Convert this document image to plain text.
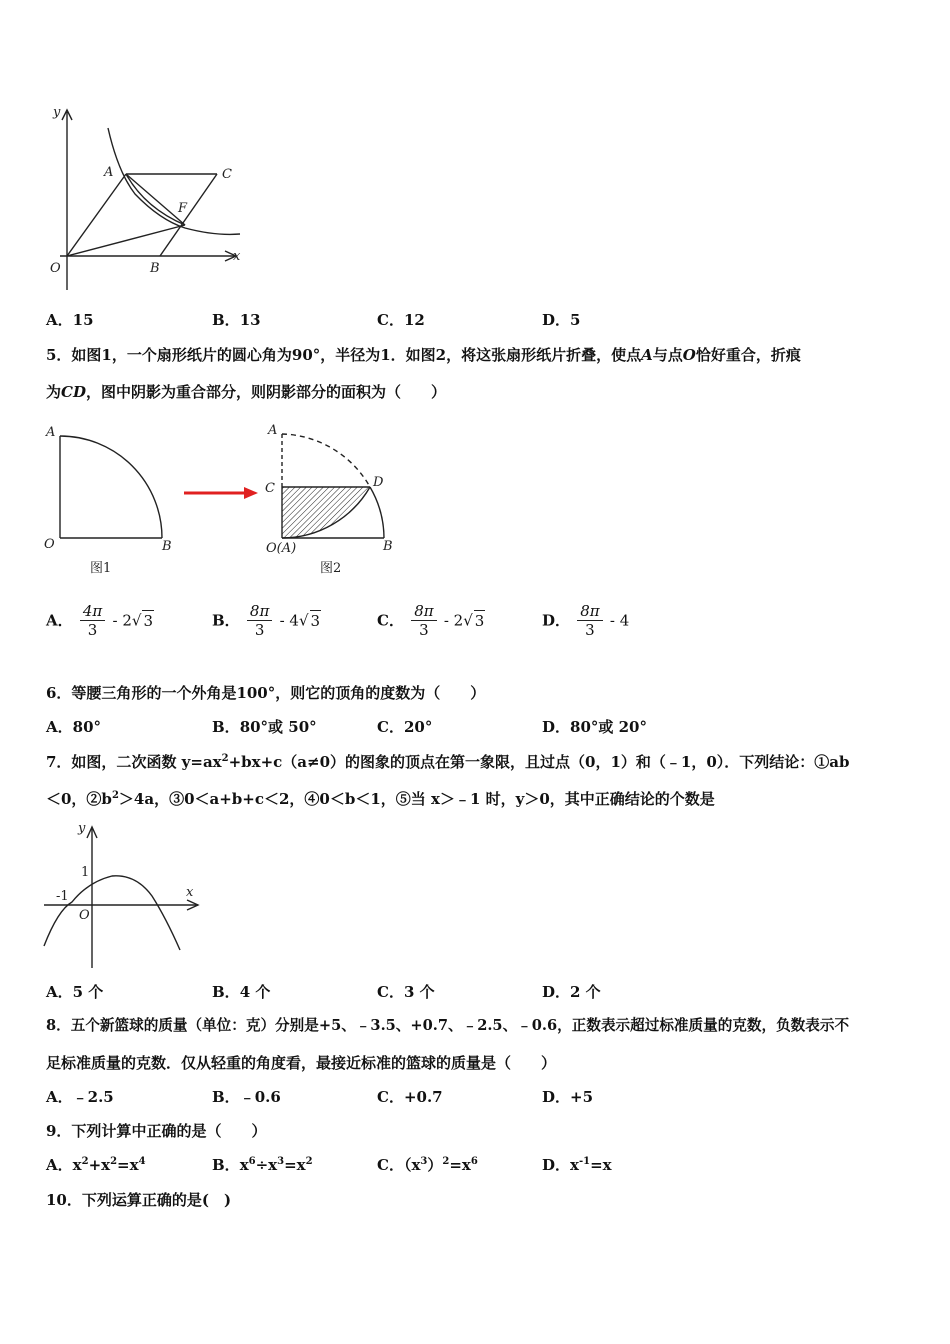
y
x
O
A
B
C
F
A．15	B．13	C．12	D．5
5．如图1，一个扇形纸片的圆心角为90°，半径为1．如图2，将这张扇形纸片折叠，使点A与点O恰好重合，折痕
为CD，图中阴影为重合部分，则阴影部分的面积为（　　）
A
O	B
图1
A
C	D
O(A)	B
图2
A． $\frac{4\pi}{3} - 2√$ 3	B． $\frac{8\pi}{3} - 4√$ 3	C． $\frac{8\pi}{3} - 2√$ 3	D． $\frac{8\pi}{3} - 4$
6．等腰三角形的一个外角是100°，则它的顶角的度数为（　　）
A．80°	B．80°或 50°	C．20°	D．80°或 20°
7．如图，二次函数 $y=ax^2+bx+c(a\ne 0)$的图象的顶点在第一象限，且过点（0，1）和（﹣1，0）．下列结论：①ab
＜0，$②b^2>4a$，③0＜a+b+c＜2，④0＜b＜1，⑤当 x＞﹣1 时，y＞0，其中正确结论的个数是
y
x
1
-1
O
A．5 个	B．4 个	C．3 个	D．2 个
8．五个新篮球的质量（单位：克）分别是+5、﹣3.5、+0.7、﹣2.5、﹣0.6，正数表示超过标准质量的克数，负数表示不
足标准质量的克数．仅从轻重的角度看，最接近标准的篮球的质量是（　　）
A．﹣2.5	B．﹣0.6	C．+0.7	D．+5
9．下列计算中正确的是（　　）
A．$x^2+x^2=x^4$	B．$x^6\div x^3=x^2$	C．$(x^3)^2=x^6$	D．$x^{-1}=x$
10．下列运算正确的是(　)
